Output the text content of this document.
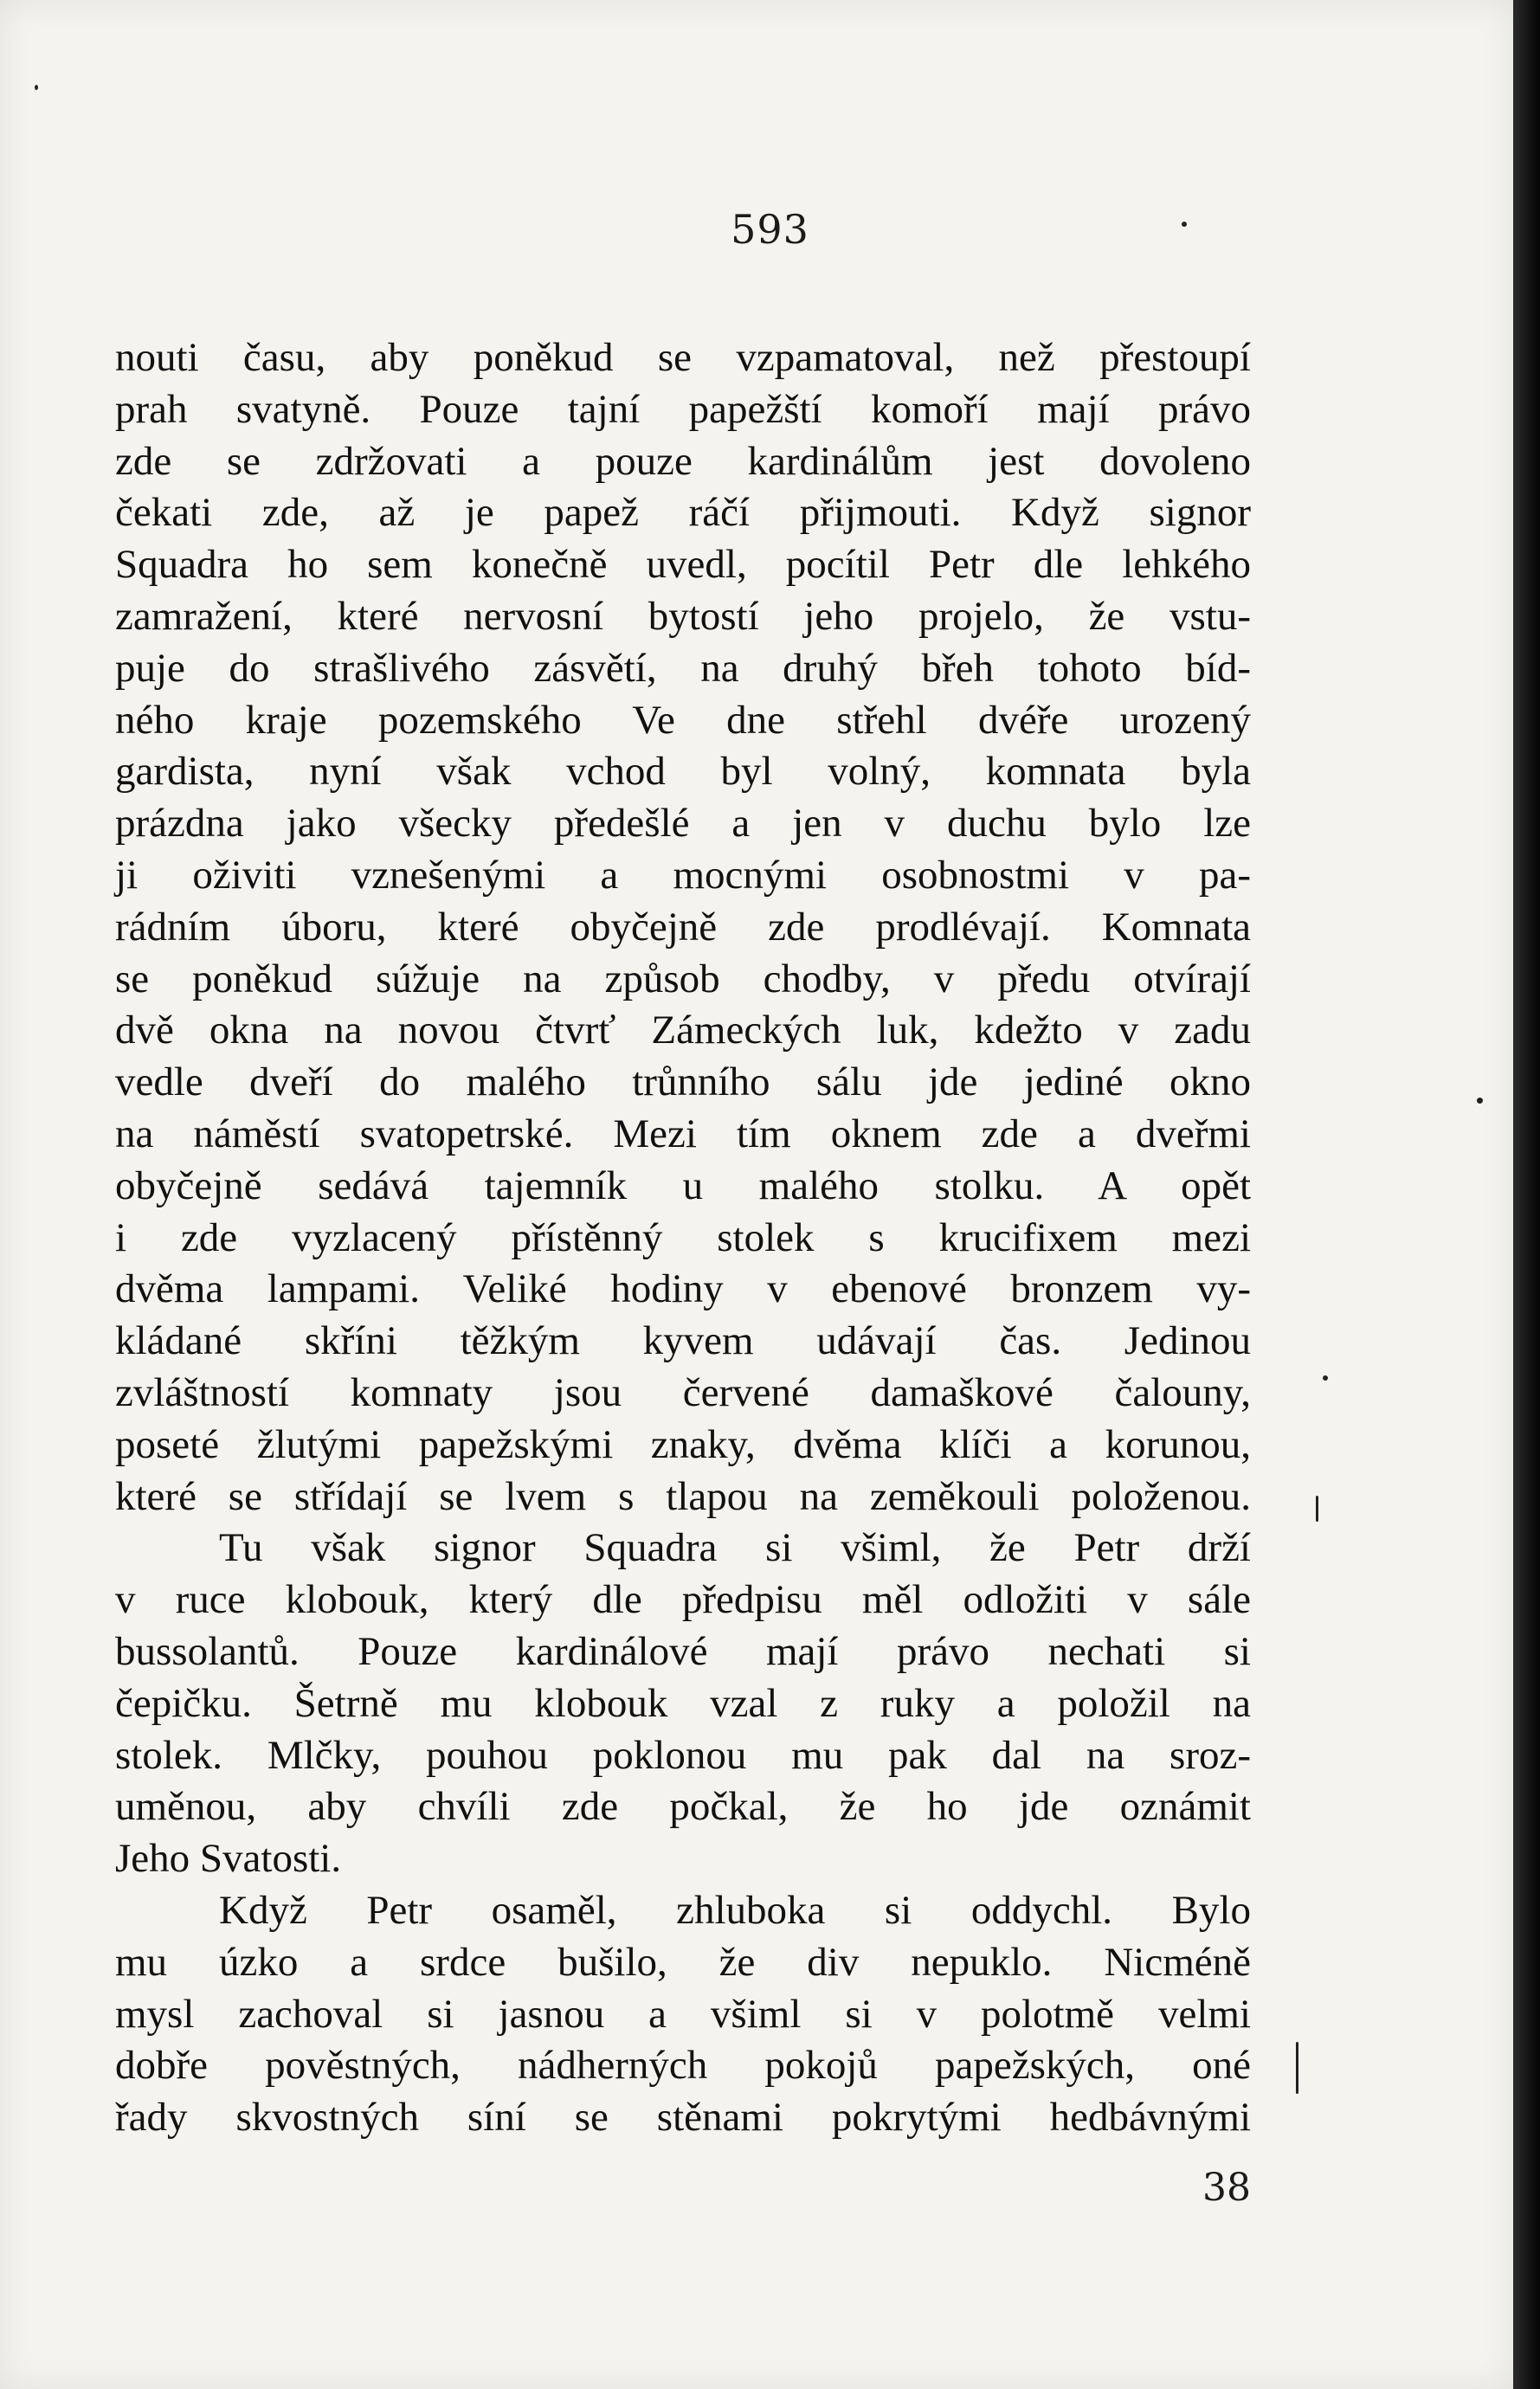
593
nouti času, aby poněkud se vzpamatoval, než přestoupí
prah svatyně. Pouze tajní papežští komoří mají právo
zde se zdržovati a pouze kardinálům jest dovoleno
čekati zde, až je papež ráčí přijmouti. Když signor
Squadra ho sem konečně uvedl, pocítil Petr dle lehkého
zamražení, které nervosní bytostí jeho projelo, že vstu-
puje do strašlivého zásvětí, na druhý břeh tohoto bíd-
ného kraje pozemského Ve dne střehl dvéře urozený
gardista, nyní však vchod byl volný, komnata byla
prázdna jako všecky předešlé a jen v duchu bylo lze
ji oživiti vznešenými a mocnými osobnostmi v pa-
rádním úboru, které obyčejně zde prodlévají. Komnata
se poněkud súžuje na způsob chodby, v předu otvírají
dvě okna na novou čtvrť Zámeckých luk, kdežto v zadu
vedle dveří do malého trůnního sálu jde jediné okno
na náměstí svatopetrské. Mezi tím oknem zde a dveřmi
obyčejně sedává tajemník u malého stolku. A opět
i zde vyzlacený přístěnný stolek s krucifixem mezi
dvěma lampami. Veliké hodiny v ebenové bronzem vy-
kládané skříni těžkým kyvem udávají čas. Jedinou
zvláštností komnaty jsou červené damaškové čalouny,
poseté žlutými papežskými znaky, dvěma klíči a korunou,
které se střídají se lvem s tlapou na zeměkouli položenou.
Tu však signor Squadra si všiml, že Petr drží
v ruce klobouk, který dle předpisu měl odložiti v sále
bussolantů. Pouze kardinálové mají právo nechati si
čepičku. Šetrně mu klobouk vzal z ruky a položil na
stolek. Mlčky, pouhou poklonou mu pak dal na sroz-
uměnou, aby chvíli zde počkal, že ho jde oznámit
Jeho Svatosti.
Když Petr osaměl, zhluboka si oddychl. Bylo
mu úzko a srdce bušilo, že div nepuklo. Nicméně
mysl zachoval si jasnou a všiml si v polotmě velmi
dobře pověstných, nádherných pokojů papežských, oné
řady skvostných síní se stěnami pokrytými hedbávnými
38
